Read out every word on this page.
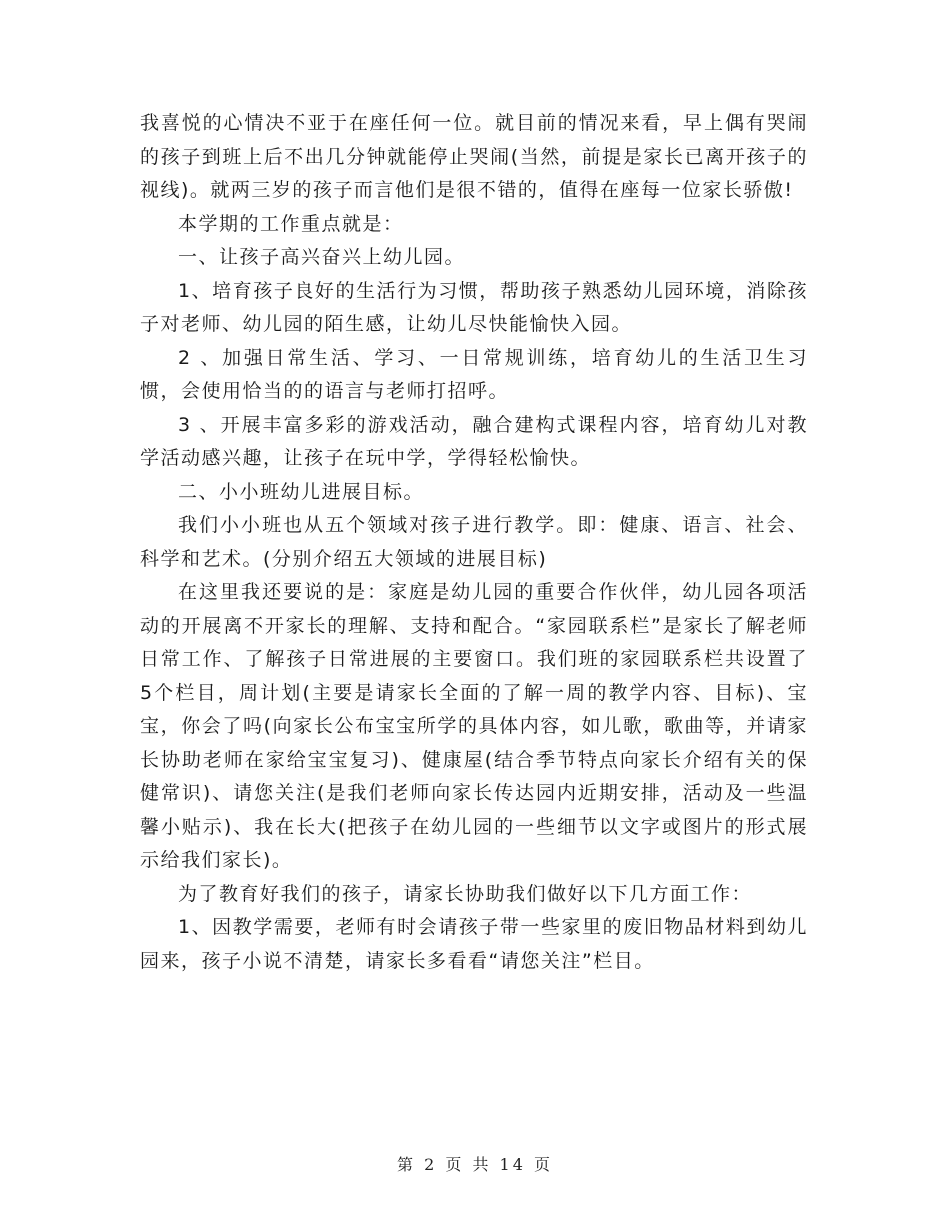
我喜悦的心情决不亚于在座任何一位。就目前的情况来看，早上偶有哭闹的孩子到班上后不出几分钟就能停止哭闹(当然，前提是家长已离开孩子的视线)。就两三岁的孩子而言他们是很不错的，值得在座每一位家长骄傲!

本学期的工作重点就是：

一、让孩子高兴奋兴上幼儿园。

1、培育孩子良好的生活行为习惯，帮助孩子熟悉幼儿园环境，消除孩子对老师、幼儿园的陌生感，让幼儿尽快能愉快入园。

2 、加强日常生活、学习、一日常规训练，培育幼儿的生活卫生习惯，会使用恰当的的语言与老师打招呼。

3 、开展丰富多彩的游戏活动，融合建构式课程内容，培育幼儿对教学活动感兴趣，让孩子在玩中学，学得轻松愉快。

二、小小班幼儿进展目标。

我们小小班也从五个领域对孩子进行教学。即：健康、语言、社会、科学和艺术。(分别介绍五大领域的进展目标)

在这里我还要说的是：家庭是幼儿园的重要合作伙伴，幼儿园各项活动的开展离不开家长的理解、支持和配合。“家园联系栏”是家长了解老师日常工作、了解孩子日常进展的主要窗口。我们班的家园联系栏共设置了5个栏目，周计划(主要是请家长全面的了解一周的教学内容、目标)、宝宝，你会了吗(向家长公布宝宝所学的具体内容，如儿歌，歌曲等，并请家长协助老师在家给宝宝复习)、健康屋(结合季节特点向家长介绍有关的保健常识)、请您关注(是我们老师向家长传达园内近期安排，活动及一些温馨小贴示)、我在长大(把孩子在幼儿园的一些细节以文字或图片的形式展示给我们家长)。

为了教育好我们的孩子，请家长协助我们做好以下几方面工作：

1、因教学需要，老师有时会请孩子带一些家里的废旧物品材料到幼儿园来，孩子小说不清楚，请家长多看看“请您关注”栏目。

第 2 页 共 14 页
